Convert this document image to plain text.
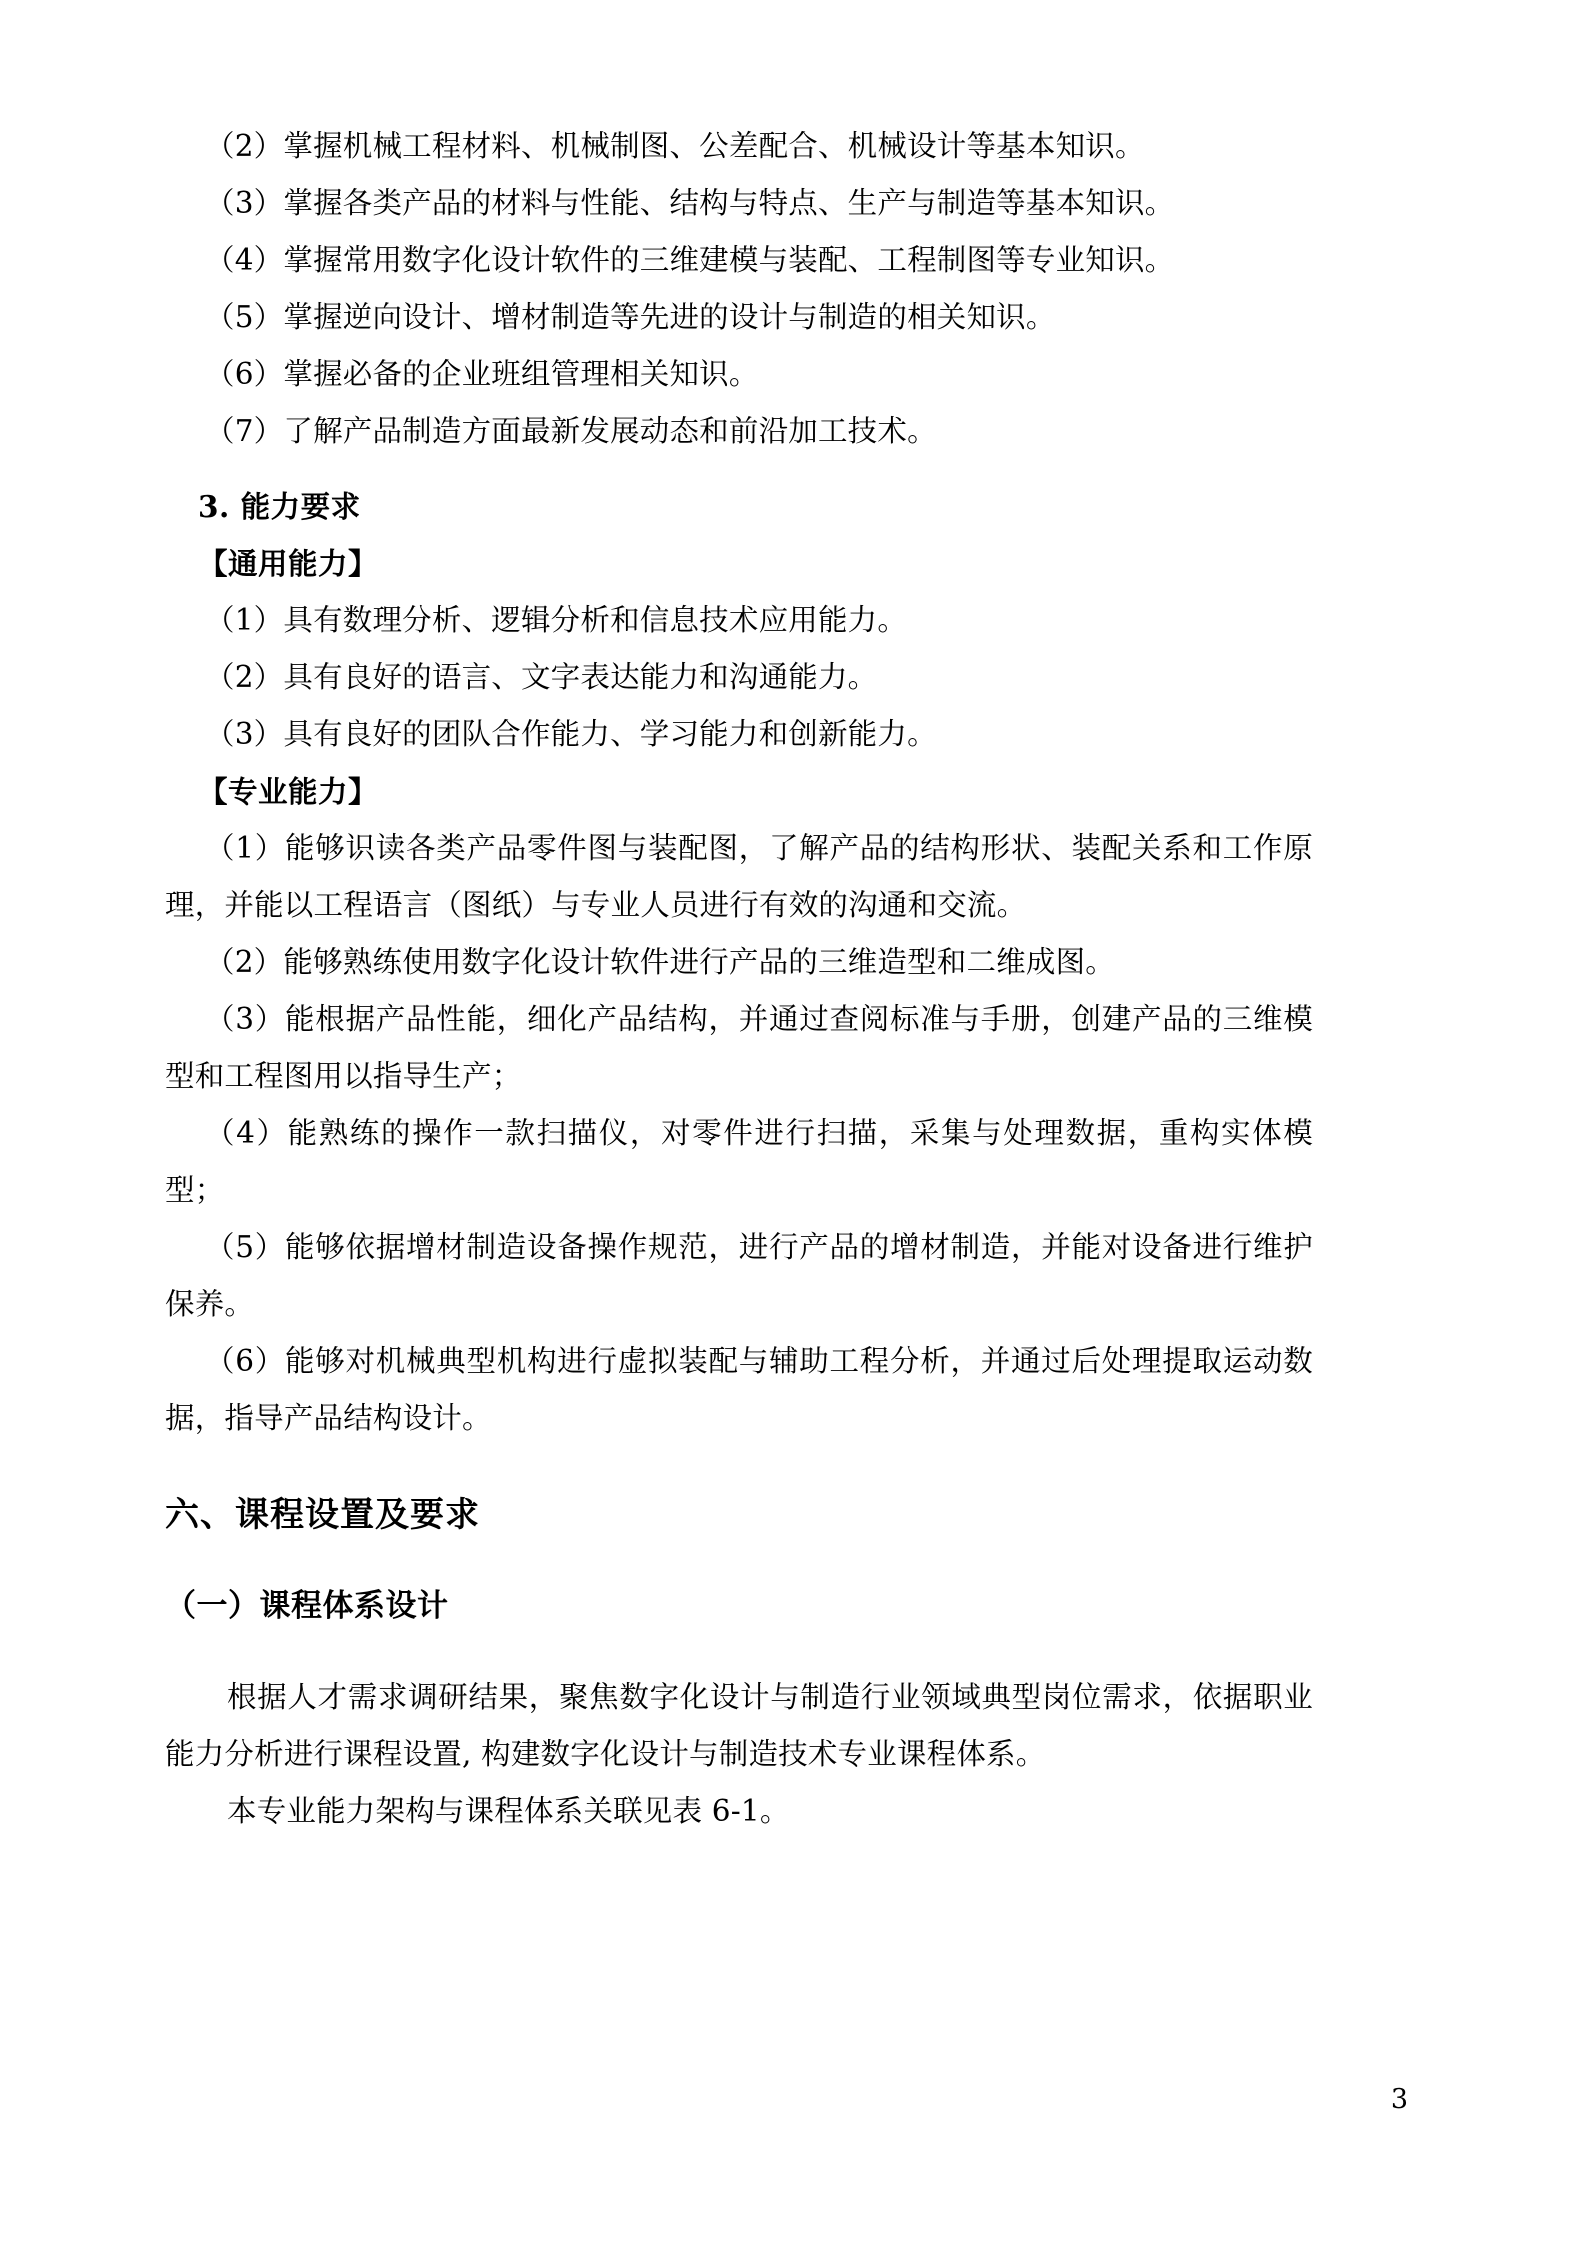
（2）掌握机械工程材料、机械制图、公差配合、机械设计等基本知识。

（3）掌握各类产品的材料与性能、结构与特点、生产与制造等基本知识。

（4）掌握常用数字化设计软件的三维建模与装配、工程制图等专业知识。

（5）掌握逆向设计、增材制造等先进的设计与制造的相关知识。

（6）掌握必备的企业班组管理相关知识。

（7）了解产品制造方面最新发展动态和前沿加工技术。

3. 能力要求
【通用能力】

（1）具有数理分析、逻辑分析和信息技术应用能力。

（2）具有良好的语言、文字表达能力和沟通能力。

（3）具有良好的团队合作能力、学习能力和创新能力。

【专业能力】

（1）能够识读各类产品零件图与装配图，了解产品的结构形状、装配关系和工作原理，并能以工程语言（图纸）与专业人员进行有效的沟通和交流。

（2）能够熟练使用数字化设计软件进行产品的三维造型和二维成图。

（3）能根据产品性能，细化产品结构，并通过查阅标准与手册，创建产品的三维模型和工程图用以指导生产；

（4）能熟练的操作一款扫描仪，对零件进行扫描，采集与处理数据，重构实体模型；

（5）能够依据增材制造设备操作规范，进行产品的增材制造，并能对设备进行维护保养。

（6）能够对机械典型机构进行虚拟装配与辅助工程分析，并通过后处理提取运动数据，指导产品结构设计。

六、课程设置及要求
（一）课程体系设计

根据人才需求调研结果，聚焦数字化设计与制造行业领域典型岗位需求，依据职业能力分析进行课程设置, 构建数字化设计与制造技术专业课程体系。

本专业能力架构与课程体系关联见表 6-1。

3
